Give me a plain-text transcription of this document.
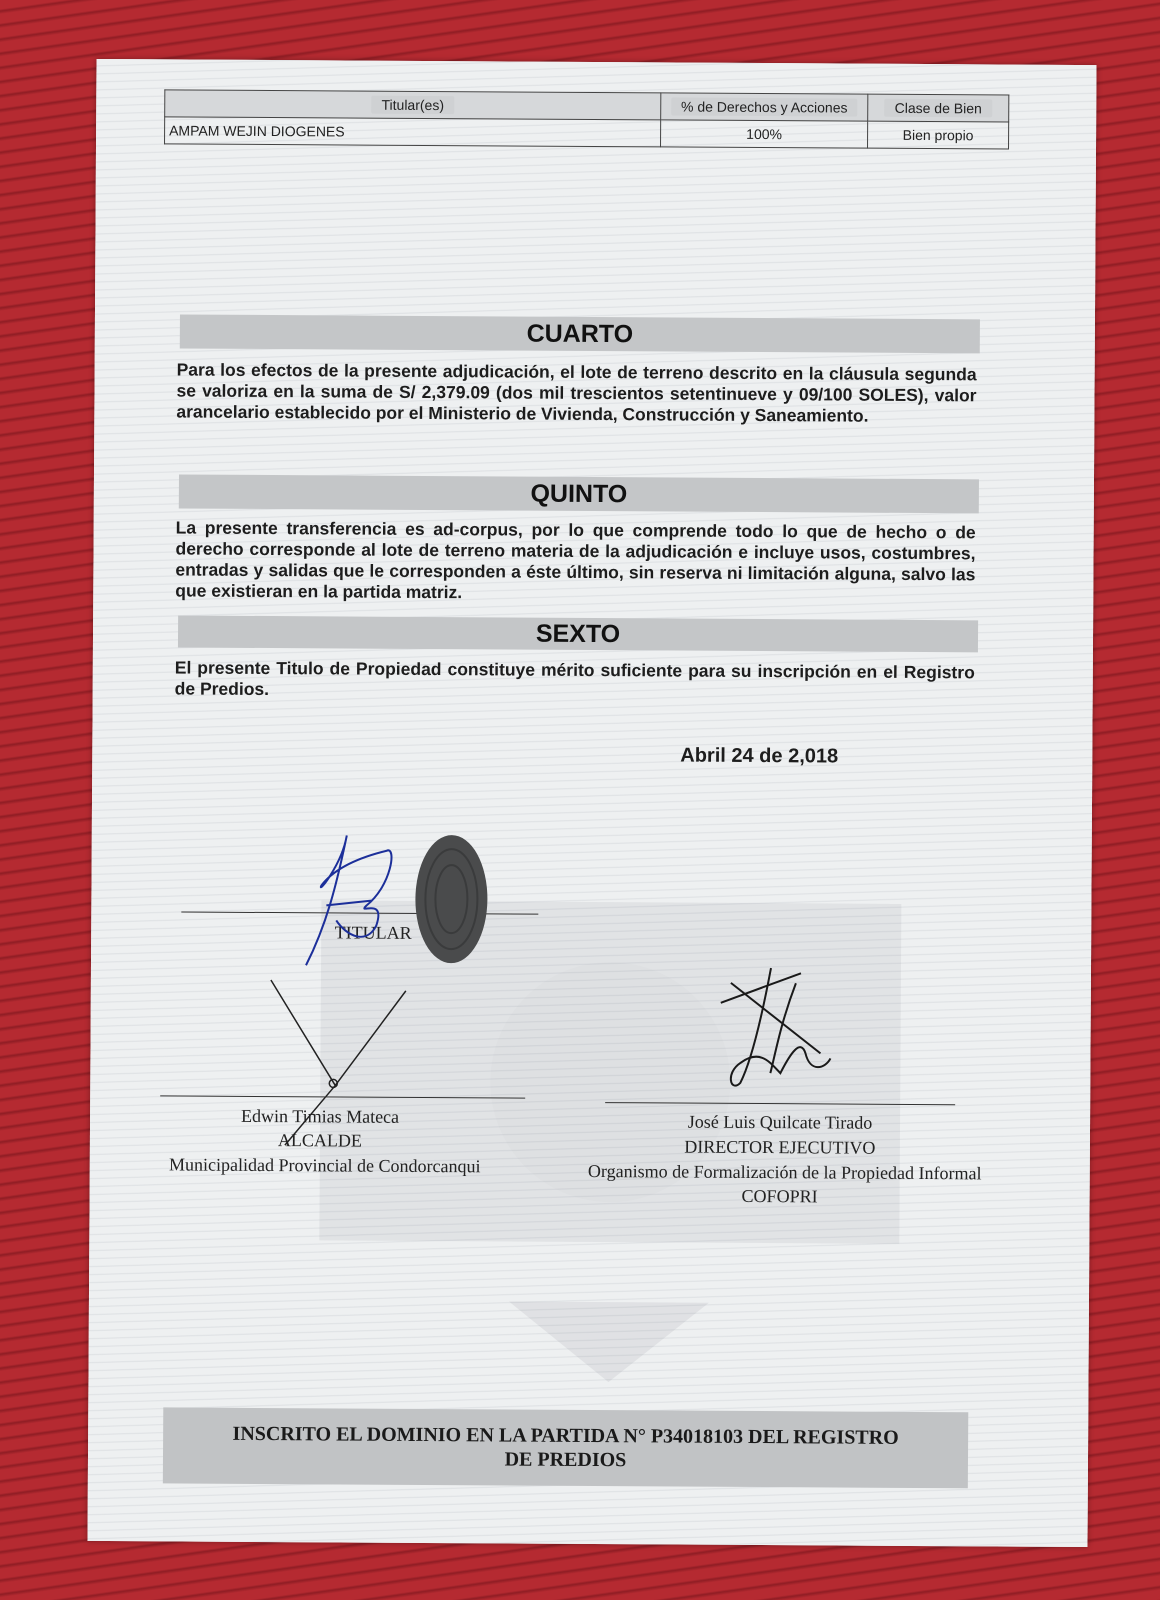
Titular(es)	% de Derechos y Acciones	Clase de Bien
AMPAM WEJIN DIOGENES	100%	Bien propio
CUARTO
Para los efectos de la presente adjudicación, el lote de terreno descrito en la cláusula segunda se valoriza en la suma de S/ 2,379.09 (dos mil trescientos setentinueve y 09/100 SOLES), valor arancelario establecido por el Ministerio de Vivienda, Construcción y Saneamiento.
QUINTO
La presente transferencia es ad-corpus, por lo que comprende todo lo que de hecho o de derecho corresponde al lote de terreno materia de la adjudicación e incluye usos, costumbres, entradas y salidas que le corresponden a éste último, sin reserva ni limitación alguna, salvo las que existieran en la partida matriz.
SEXTO
El presente Titulo de Propiedad constituye mérito suficiente para su inscripción en el Registro de Predios.
Abril 24 de 2,018
TITULAR
Edwin Timias Mateca
ALCALDE
Municipalidad Provincial de Condorcanqui
José Luis Quilcate Tirado
DIRECTOR EJECUTIVO
Organismo de Formalización de la Propiedad Informal
COFOPRI
INSCRITO EL DOMINIO EN LA PARTIDA N° P34018103 DEL REGISTRO
DE PREDIOS
